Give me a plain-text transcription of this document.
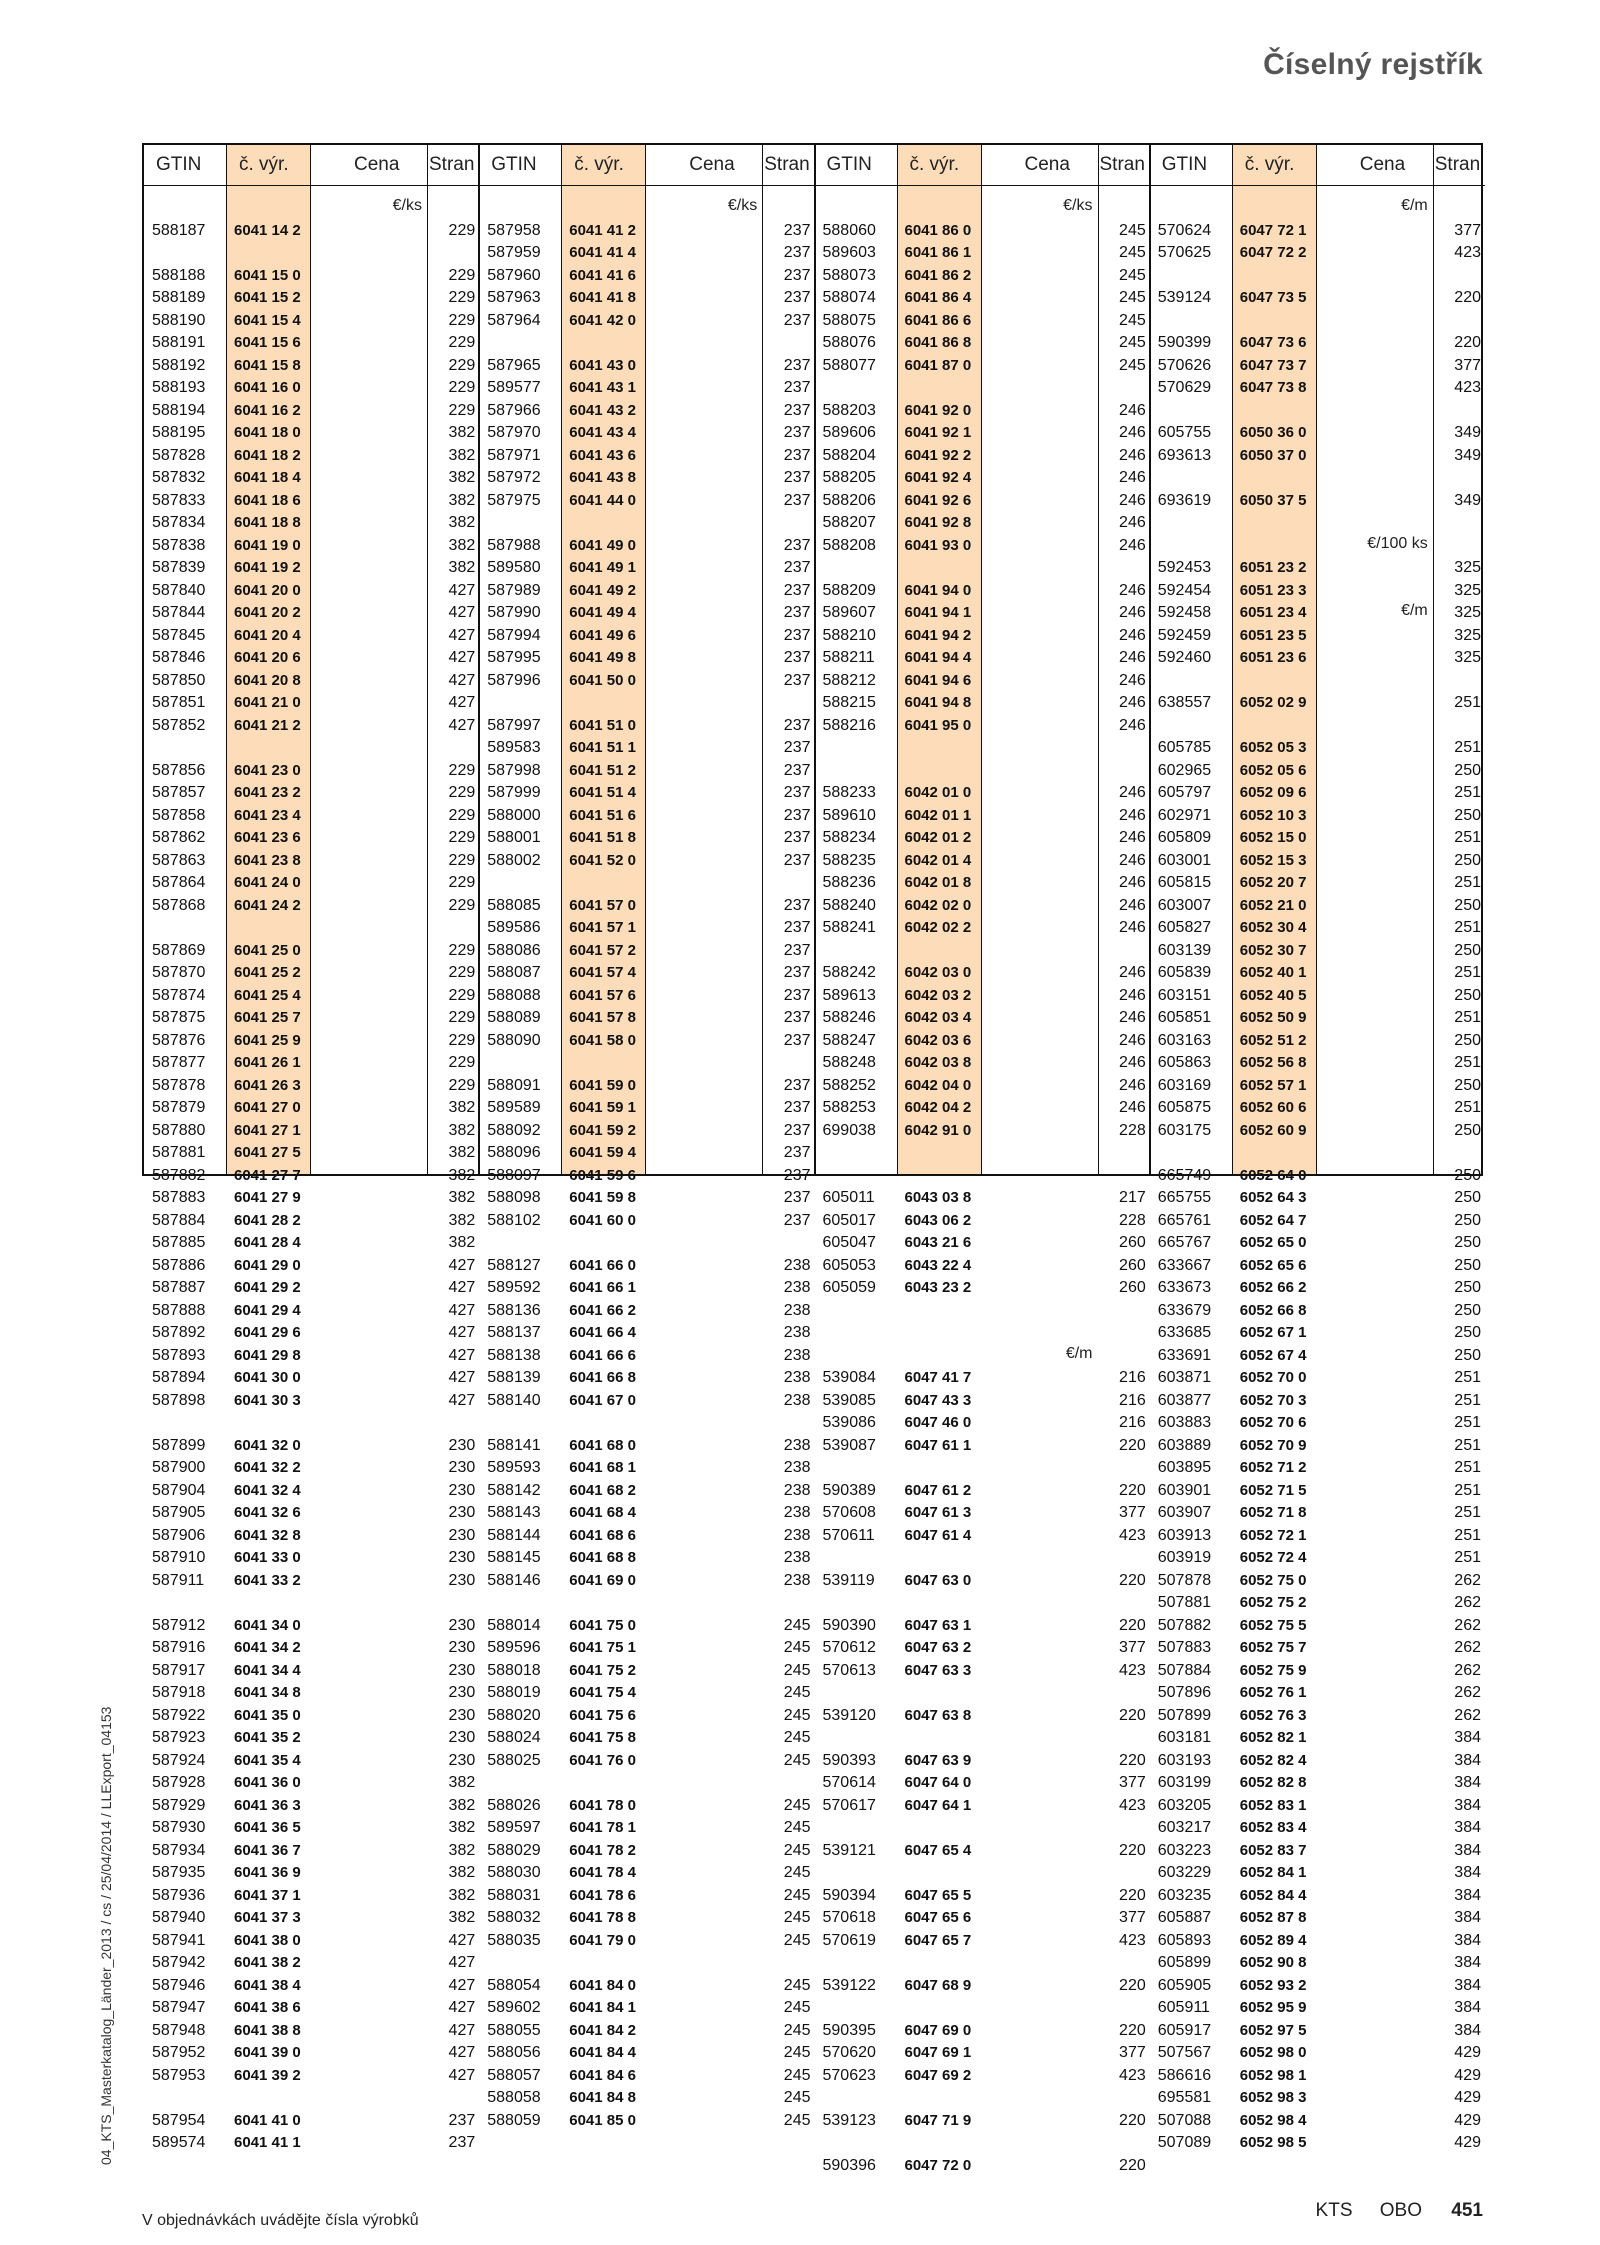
Číselný rejstřík
04_KTS_Masterkatalog_Länder_2013 / cs / 25/04/2014 / LLExport_04153
GTIN č. výr.	Cena Stran
€/ks
588187 6041 14 2	229
588188 6041 15 0	229
588189 6041 15 2	229
588190 6041 15 4	229
588191 6041 15 6	229
588192 6041 15 8	229
588193 6041 16 0	229
588194 6041 16 2	229
588195 6041 18 0	382
587828 6041 18 2	382
587832 6041 18 4	382
587833 6041 18 6	382
587834 6041 18 8	382
587838 6041 19 0	382
587839 6041 19 2	382
587840 6041 20 0	427
587844 6041 20 2	427
587845 6041 20 4	427
587846 6041 20 6	427
587850 6041 20 8	427
587851 6041 21 0	427
587852 6041 21 2	427
587856 6041 23 0	229
587857 6041 23 2	229
587858 6041 23 4	229
587862 6041 23 6	229
587863 6041 23 8	229
587864 6041 24 0	229
587868 6041 24 2	229
587869 6041 25 0	229
587870 6041 25 2	229
587874 6041 25 4	229
587875 6041 25 7	229
587876 6041 25 9	229
587877 6041 26 1	229
587878 6041 26 3	229
587879 6041 27 0	382
587880 6041 27 1	382
587881 6041 27 5	382
587882 6041 27 7	382
587883 6041 27 9	382
587884 6041 28 2	382
587885 6041 28 4	382
587886 6041 29 0	427
587887 6041 29 2	427
587888 6041 29 4	427
587892 6041 29 6	427
587893 6041 29 8	427
587894 6041 30 0	427
587898 6041 30 3	427
587899 6041 32 0	230
587900 6041 32 2	230
587904 6041 32 4	230
587905 6041 32 6	230
587906 6041 32 8	230
587910 6041 33 0	230
587911 6041 33 2	230
587912 6041 34 0	230
587916 6041 34 2	230
587917 6041 34 4	230
587918 6041 34 8	230
587922 6041 35 0	230
587923 6041 35 2	230
587924 6041 35 4	230
587928 6041 36 0	382
587929 6041 36 3	382
587930 6041 36 5	382
587934 6041 36 7	382
587935 6041 36 9	382
587936 6041 37 1	382
587940 6041 37 3	382
587941 6041 38 0	427
587942 6041 38 2	427
587946 6041 38 4	427
587947 6041 38 6	427
587948 6041 38 8	427
587952 6041 39 0	427
587953 6041 39 2	427
587954 6041 41 0	237
589574 6041 41 1	237
GTIN č. výr.	Cena Stran
€/ks
587958 6041 41 2	237
587959 6041 41 4	237
587960 6041 41 6	237
587963 6041 41 8	237
587964 6041 42 0	237
587965 6041 43 0	237
589577 6041 43 1	237
587966 6041 43 2	237
587970 6041 43 4	237
587971 6041 43 6	237
587972 6041 43 8	237
587975 6041 44 0	237
587988 6041 49 0	237
589580 6041 49 1	237
587989 6041 49 2	237
587990 6041 49 4	237
587994 6041 49 6	237
587995 6041 49 8	237
587996 6041 50 0	237
587997 6041 51 0	237
589583 6041 51 1	237
587998 6041 51 2	237
587999 6041 51 4	237
588000 6041 51 6	237
588001 6041 51 8	237
588002 6041 52 0	237
588085 6041 57 0	237
589586 6041 57 1	237
588086 6041 57 2	237
588087 6041 57 4	237
588088 6041 57 6	237
588089 6041 57 8	237
588090 6041 58 0	237
588091 6041 59 0	237
589589 6041 59 1	237
588092 6041 59 2	237
588096 6041 59 4	237
588097 6041 59 6	237
588098 6041 59 8	237
588102 6041 60 0	237
588127 6041 66 0	238
589592 6041 66 1	238
588136 6041 66 2	238
588137 6041 66 4	238
588138 6041 66 6	238
588139 6041 66 8	238
588140 6041 67 0	238
588141 6041 68 0	238
589593 6041 68 1	238
588142 6041 68 2	238
588143 6041 68 4	238
588144 6041 68 6	238
588145 6041 68 8	238
588146 6041 69 0	238
588014 6041 75 0	245
589596 6041 75 1	245
588018 6041 75 2	245
588019 6041 75 4	245
588020 6041 75 6	245
588024 6041 75 8	245
588025 6041 76 0	245
588026 6041 78 0	245
589597 6041 78 1	245
588029 6041 78 2	245
588030 6041 78 4	245
588031 6041 78 6	245
588032 6041 78 8	245
588035 6041 79 0	245
588054 6041 84 0	245
589602 6041 84 1	245
588055 6041 84 2	245
588056 6041 84 4	245
588057 6041 84 6	245
588058 6041 84 8	245
588059 6041 85 0	245
GTIN č. výr.	Cena Stran
€/ks
€/m
588060 6041 86 0	245
589603 6041 86 1	245
588073 6041 86 2	245
588074 6041 86 4	245
588075 6041 86 6	245
588076 6041 86 8	245
588077 6041 87 0	245
588203 6041 92 0	246
589606 6041 92 1	246
588204 6041 92 2	246
588205 6041 92 4	246
588206 6041 92 6	246
588207 6041 92 8	246
588208 6041 93 0	246
588209 6041 94 0	246
589607 6041 94 1	246
588210 6041 94 2	246
588211 6041 94 4	246
588212 6041 94 6	246
588215 6041 94 8	246
588216 6041 95 0	246
588233 6042 01 0	246
589610 6042 01 1	246
588234 6042 01 2	246
588235 6042 01 4	246
588236 6042 01 8	246
588240 6042 02 0	246
588241 6042 02 2	246
588242 6042 03 0	246
589613 6042 03 2	246
588246 6042 03 4	246
588247 6042 03 6	246
588248 6042 03 8	246
588252 6042 04 0	246
588253 6042 04 2	246
699038 6042 91 0	228
605011 6043 03 8	217
605017 6043 06 2	228
605047 6043 21 6	260
605053 6043 22 4	260
605059 6043 23 2	260
539084 6047 41 7	216
539085 6047 43 3	216
539086 6047 46 0	216
539087 6047 61 1	220
590389 6047 61 2	220
570608 6047 61 3	377
570611 6047 61 4	423
539119 6047 63 0	220
590390 6047 63 1	220
570612 6047 63 2	377
570613 6047 63 3	423
539120 6047 63 8	220
590393 6047 63 9	220
570614 6047 64 0	377
570617 6047 64 1	423
539121 6047 65 4	220
590394 6047 65 5	220
570618 6047 65 6	377
570619 6047 65 7	423
539122 6047 68 9	220
590395 6047 69 0	220
570620 6047 69 1	377
570623 6047 69 2	423
539123 6047 71 9	220
590396 6047 72 0	220
GTIN č. výr.	Cena Stran
€/m
€/100 ks
€/m
570624 6047 72 1	377
570625 6047 72 2	423
539124 6047 73 5	220
590399 6047 73 6	220
570626 6047 73 7	377
570629 6047 73 8	423
605755 6050 36 0	349
693613 6050 37 0	349
693619 6050 37 5	349
592453 6051 23 2	325
592454 6051 23 3	325
592458 6051 23 4	325
592459 6051 23 5	325
592460 6051 23 6	325
638557 6052 02 9	251
605785 6052 05 3	251
602965 6052 05 6	250
605797 6052 09 6	251
602971 6052 10 3	250
605809 6052 15 0	251
603001 6052 15 3	250
605815 6052 20 7	251
603007 6052 21 0	250
605827 6052 30 4	251
603139 6052 30 7	250
605839 6052 40 1	251
603151 6052 40 5	250
605851 6052 50 9	251
603163 6052 51 2	250
605863 6052 56 8	251
603169 6052 57 1	250
605875 6052 60 6	251
603175 6052 60 9	250
665749 6052 64 0	250
665755 6052 64 3	250
665761 6052 64 7	250
665767 6052 65 0	250
633667 6052 65 6	250
633673 6052 66 2	250
633679 6052 66 8	250
633685 6052 67 1	250
633691 6052 67 4	250
603871 6052 70 0	251
603877 6052 70 3	251
603883 6052 70 6	251
603889 6052 70 9	251
603895 6052 71 2	251
603901 6052 71 5	251
603907 6052 71 8	251
603913 6052 72 1	251
603919 6052 72 4	251
507878 6052 75 0	262
507881 6052 75 2	262
507882 6052 75 5	262
507883 6052 75 7	262
507884 6052 75 9	262
507896 6052 76 1	262
507899 6052 76 3	262
603181 6052 82 1	384
603193 6052 82 4	384
603199 6052 82 8	384
603205 6052 83 1	384
603217 6052 83 4	384
603223 6052 83 7	384
603229 6052 84 1	384
603235 6052 84 4	384
605887 6052 87 8	384
605893 6052 89 4	384
605899 6052 90 8	384
605905 6052 93 2	384
605911 6052 95 9	384
605917 6052 97 5	384
507567 6052 98 0	429
586616 6052 98 1	429
695581 6052 98 3	429
507088 6052 98 4	429
507089 6052 98 5	429
V objednávkách uvádějte čísla výrobků	KTS OBO 451
